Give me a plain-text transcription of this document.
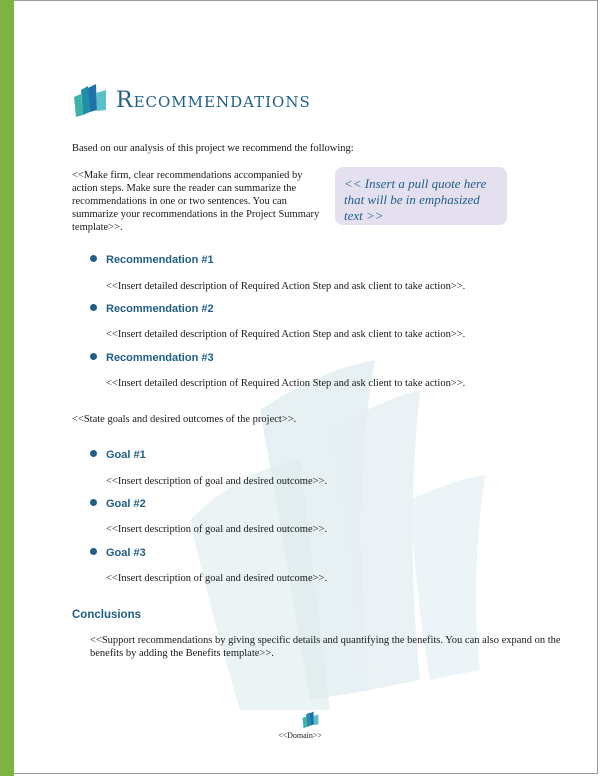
Recommendations
Based on our analysis of this project we recommend the following:
<<Make firm, clear recommendations accompanied by action steps. Make sure the reader can summarize the recommendations in one or two sentences. You can summarize your recommendations in the Project Summary template>>.
<< Insert a pull quote here that will be in emphasized text >>
Recommendation #1
<<Insert detailed description of Required Action Step and ask client to take action>>.
Recommendation #2
<<Insert detailed description of Required Action Step and ask client to take action>>.
Recommendation #3
<<Insert detailed description of Required Action Step and ask client to take action>>.
<<State goals and desired outcomes of the project>>.
Goal #1
<<Insert description of goal and desired outcome>>.
Goal #2
<<Insert description of goal and desired outcome>>.
Goal #3
<<Insert description of goal and desired outcome>>.
Conclusions
<<Support recommendations by giving specific details and quantifying the benefits. You can also expand on the benefits by adding the Benefits template>>.
<<Domain>>
